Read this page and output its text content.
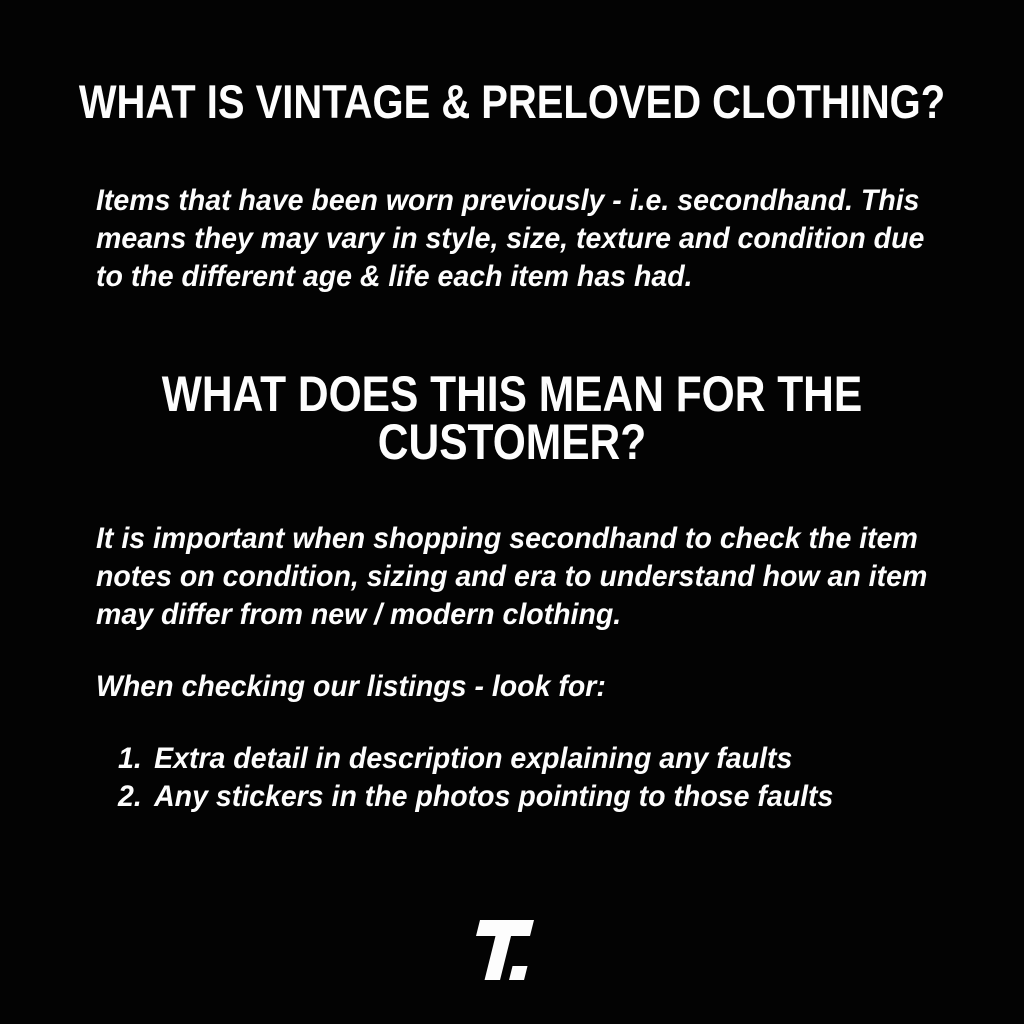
WHAT IS VINTAGE & PRELOVED CLOTHING?

Items that have been worn previously - i.e. secondhand. This means they may vary in style, size, texture and condition due to the different age & life each item has had.

WHAT DOES THIS MEAN FOR THE CUSTOMER?

It is important when shopping secondhand to check the item notes on condition, sizing and era to understand how an item may differ from new / modern clothing.

When checking our listings - look for:

1. Extra detail in description explaining any faults
2. Any stickers in the photos pointing to those faults
